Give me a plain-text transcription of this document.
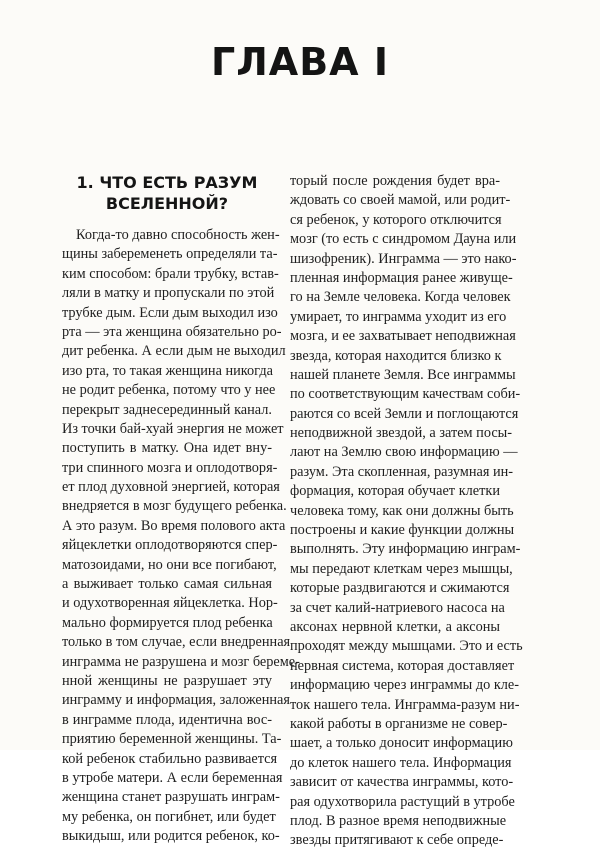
ГЛАВА I
1. ЧТО ЕСТЬ РАЗУМ
ВСЕЛЕННОЙ?
Когда-то давно способность жен-
щины забеременеть определяли та-
ким способом: брали трубку, встав-
ляли в матку и пропускали по этой
трубке дым. Если дым выходил изо
рта — эта женщина обязательно ро-
дит ребенка. А если дым не выходил
изо рта, то такая женщина никогда
не родит ребенка, потому что у нее
перекрыт заднесерединный канал.
Из точки бай-хуай энергия не может
поступить в матку. Она идет вну-
три спинного мозга и оплодотворя-
ет плод духовной энергией, которая
внедряется в мозг будущего ребенка.
А это разум. Во время полового акта
яйцеклетки оплодотворяются спер-
матозоидами, но они все погибают,
а выживает только самая сильная
и одухотворенная яйцеклетка. Нор-
мально формируется плод ребенка
только в том случае, если внедренная
инграмма не разрушена и мозг береме-
нной женщины не разрушает эту
инграмму и информация, заложенная
в инграмме плода, идентична вос-
приятию беременной женщины. Та-
кой ребенок стабильно развивается
в утробе матери. А если беременная
женщина станет разрушать инграм-
му ребенка, он погибнет, или будет
выкидыш, или родится ребенок, ко-
торый после рождения будет вра-
ждовать со своей мамой, или родит-
ся ребенок, у которого отключится
мозг (то есть с синдромом Дауна или
шизофреник). Инграмма — это нако-
пленная информация ранее живуще-
го на Земле человека. Когда человек
умирает, то инграмма уходит из его
мозга, и ее захватывает неподвижная
звезда, которая находится близко к
нашей планете Земля. Все инграммы
по соответствующим качествам соби-
раются со всей Земли и поглощаются
неподвижной звездой, а затем посы-
лают на Землю свою информацию —
разум. Эта скопленная, разумная ин-
формация, которая обучает клетки
человека тому, как они должны быть
построены и какие функции должны
выполнять. Эту информацию инграм-
мы передают клеткам через мышцы,
которые раздвигаются и сжимаются
за счет калий-натриевого насоса на
аксонах нервной клетки, а аксоны
проходят между мышцами. Это и есть
нервная система, которая доставляет
информацию через инграммы до кле-
ток нашего тела. Инграмма-разум ни-
какой работы в организме не совер-
шает, а только доносит информацию
до клеток нашего тела. Информация
зависит от качества инграммы, кото-
рая одухотворила растущий в утробе
плод. В разное время неподвижные
звезды притягивают к себе опреде-
